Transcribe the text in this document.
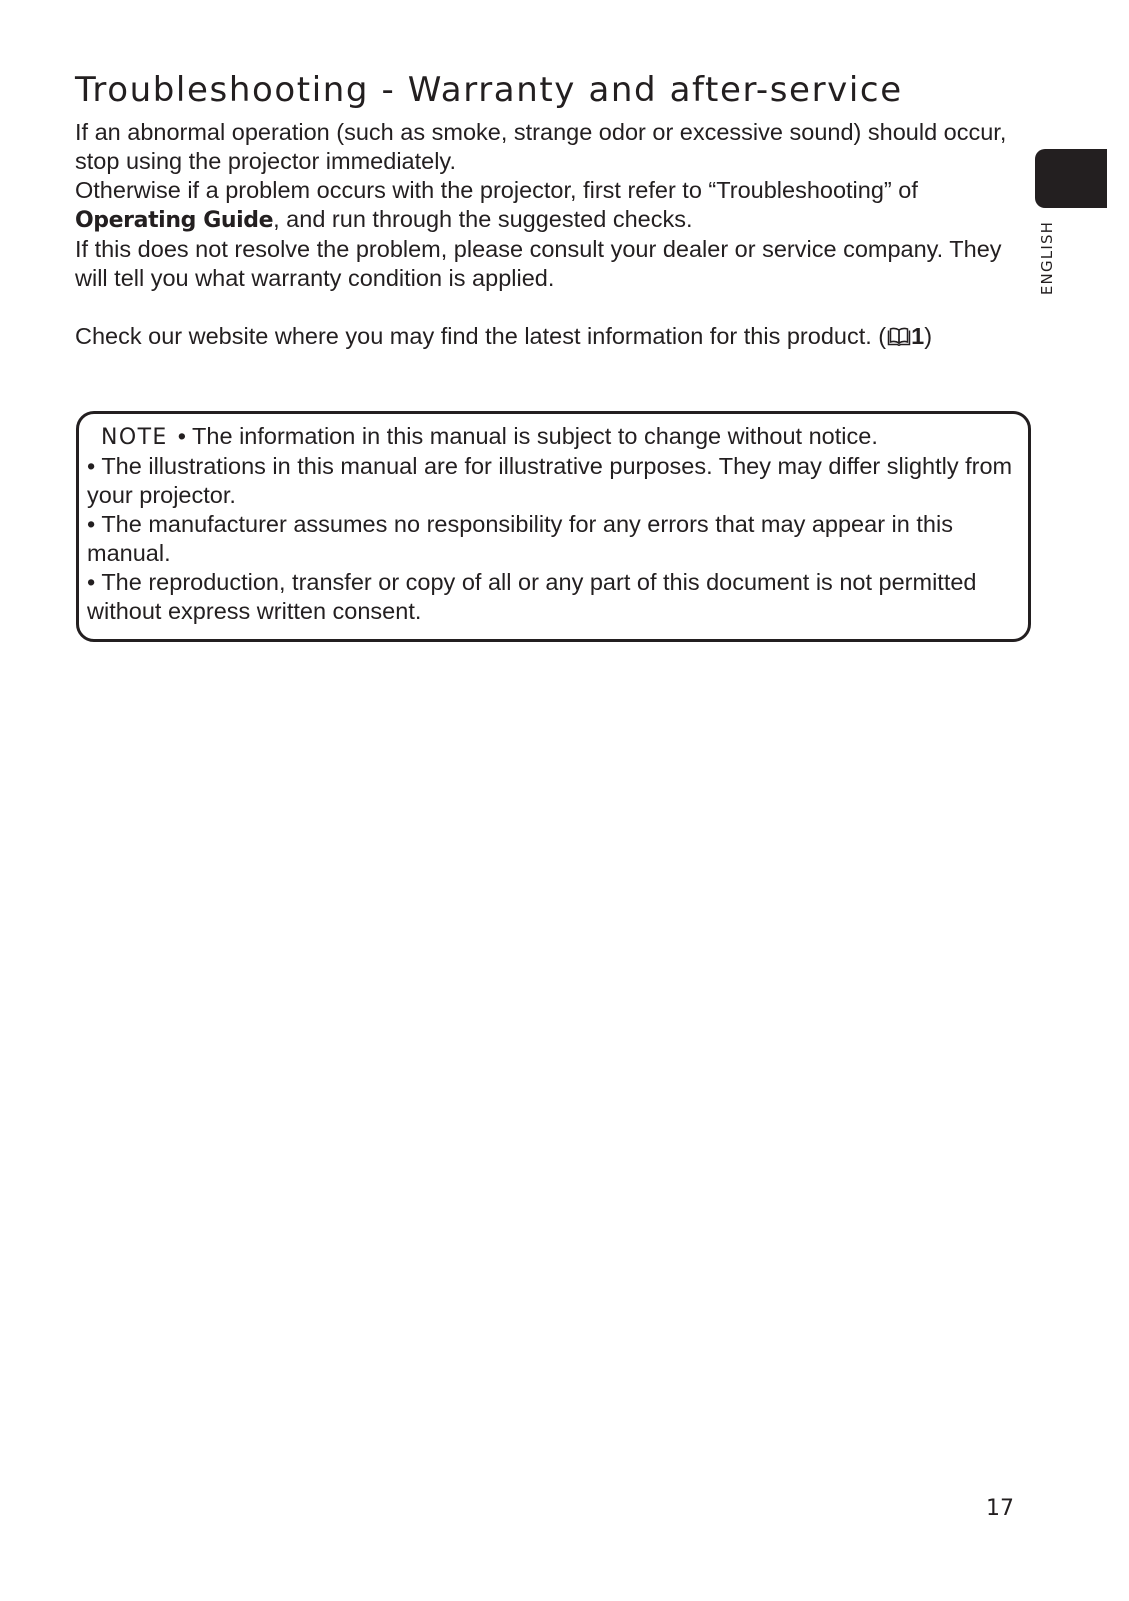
Troubleshooting - Warranty and after-service
ENGLISH

If an abnormal operation (such as smoke, strange odor or excessive sound) should occur, stop using the projector immediately.

Otherwise if a problem occurs with the projector, first refer to “Troubleshooting” of
Operating Guide, and run through the suggested checks.

If this does not resolve the problem, please consult your dealer or service company. They will tell you what warranty condition is applied.

Check our website where you may find the latest information for this product. ( 1)

NOTE • The information in this manual is subject to change without notice.

• The illustrations in this manual are for illustrative purposes. They may differ slightly from your projector.

• The manufacturer assumes no responsibility for any errors that may appear in this manual.

• The reproduction, transfer or copy of all or any part of this document is not permitted without express written consent.

17
